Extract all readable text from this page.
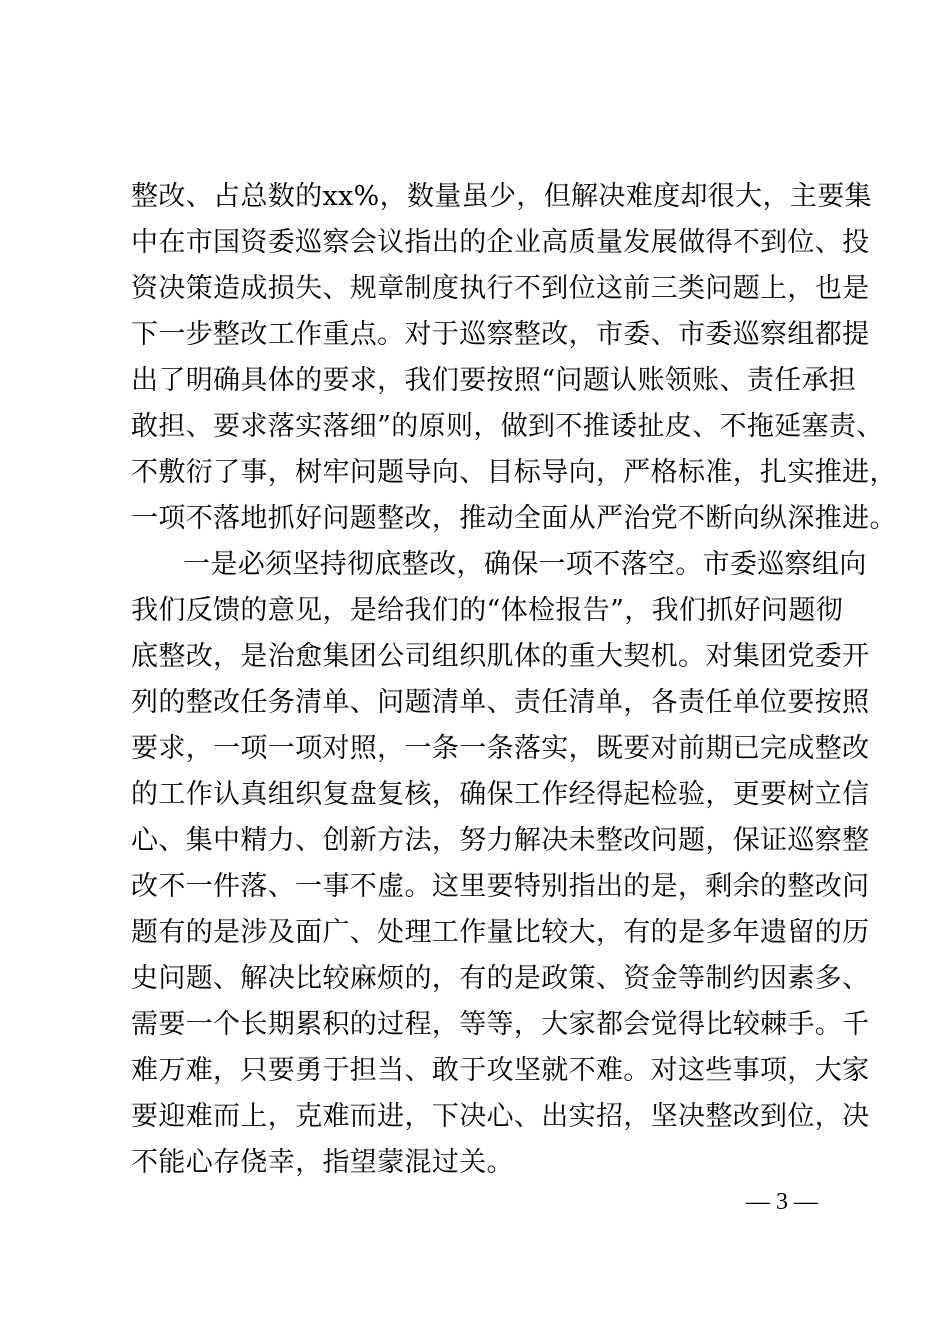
整改、占总数的xx%，数量虽少，但解决难度却很大，主要集
中在市国资委巡察会议指出的企业高质量发展做得不到位、投
资决策造成损失、规章制度执行不到位这前三类问题上，也是
下一步整改工作重点。对于巡察整改，市委、市委巡察组都提
出了明确具体的要求，我们要按照“问题认账领账、责任承担
敢担、要求落实落细”的原则，做到不推诿扯皮、不拖延塞责、
不敷衍了事，树牢问题导向、目标导向，严格标准，扎实推进，
一项不落地抓好问题整改，推动全面从严治党不断向纵深推进。
一是必须坚持彻底整改，确保一项不落空。市委巡察组向
我们反馈的意见，是给我们的“体检报告”，我们抓好问题彻
底整改，是治愈集团公司组织肌体的重大契机。对集团党委开
列的整改任务清单、问题清单、责任清单，各责任单位要按照
要求，一项一项对照，一条一条落实，既要对前期已完成整改
的工作认真组织复盘复核，确保工作经得起检验，更要树立信
心、集中精力、创新方法，努力解决未整改问题，保证巡察整
改不一件落、一事不虚。这里要特别指出的是，剩余的整改问
题有的是涉及面广、处理工作量比较大，有的是多年遗留的历
史问题、解决比较麻烦的，有的是政策、资金等制约因素多、
需要一个长期累积的过程，等等，大家都会觉得比较棘手。千
难万难，只要勇于担当、敢于攻坚就不难。对这些事项，大家
要迎难而上，克难而进，下决心、出实招，坚决整改到位，决
不能心存侥幸，指望蒙混过关。
— 3 —
